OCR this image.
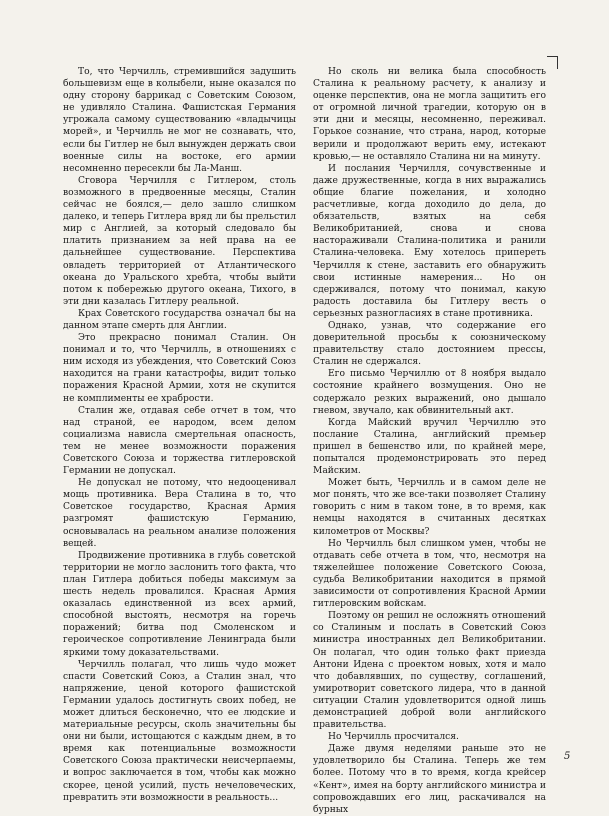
То, что Черчилль, стремившийся задушить большевизм еще в колыбели, ныне оказался по одну сторону баррикад с Советским Союзом, не удивляло Сталина. Фашистская Германия угрожала самому существованию «владычицы морей», и Черчилль не мог не сознавать, что, если бы Гитлер не был вынужден держать свои военные силы на востоке, его армии несомненно пересекли бы Ла-Манш.

Сговора Черчилля с Гитлером, столь возможного в предвоенные месяцы, Сталин сейчас не боялся,— дело зашло слишком далеко, и теперь Гитлера вряд ли бы прельстил мир с Англией, за который следовало бы платить признанием за ней права на ее дальнейшее существование. Перспектива овладеть территорией от Атлантического океана до Уральского хребта, чтобы выйти потом к побережью другого океана, Тихого, в эти дни казалась Гитлеру реальной.

Крах Советского государства означал бы на данном этапе смерть для Англии.

Это прекрасно понимал Сталин. Он понимал и то, что Черчилль, в отношениях с ним исходя из убеждения, что Советский Союз находится на грани катастрофы, видит только поражения Красной Армии, хотя не скупится не комплименты ее храбрости.

Сталин же, отдавая себе отчет в том, что над страной, ее народом, всем делом социализма нависла смертельная опасность, тем не менее возможности поражения Советского Союза и торжества гитлеровской Германии не допускал.

Не допускал не потому, что недооценивал мощь противника. Вера Сталина в то, что Советское государство, Красная Армия разгромят фашистскую Германию, основывалась на реальном анализе положения вещей.

Продвижение противника в глубь советской территории не могло заслонить того факта, что план Гитлера добиться победы максимум за шесть недель провалился. Красная Армия оказалась единственной из всех армий, способной выстоять, несмотря на горечь поражений; битва под Смоленском и героическое сопротивление Ленинграда были яркими тому доказательствами.

Черчилль полагал, что лишь чудо может спасти Советский Союз, а Сталин знал, что напряжение, ценой которого фашистской Германии удалось достигнуть своих побед, не может длиться бесконечно, что ее людские и материальные ресурсы, сколь значительны бы они ни были, истощаются с каждым днем, в то время как потенциальные возможности Советского Союза практически неисчерпаемы, и вопрос заключается в том, чтобы как можно скорее, ценой усилий, пусть нечеловеческих, превратить эти возможности в реальность...

Но сколь ни велика была способность Сталина к реальному расчету, к анализу и оценке перспектив, она не могла защитить его от огромной личной трагедии, которую он в эти дни и месяцы, несомненно, переживал. Горькое сознание, что страна, народ, которые верили и продолжают верить ему, истекают кровью,— не оставляло Сталина ни на минуту.

И послания Черчилля, сочувственные и даже дружественные, когда в них выражались общие благие пожелания, и холодно расчетливые, когда доходило до дела, до обязательств, взятых на себя Великобританией, снова и снова настораживали Сталина-политика и ранили Сталина-человека. Ему хотелось припереть Черчилля к стене, заставить его обнаружить свои истинные намерения... Но он сдерживался, потому что понимал, какую радость доставила бы Гитлеру весть о серьезных разногласиях в стане противника.

Однако, узнав, что содержание его доверительной просьбы к союзническому правительству стало достоянием прессы, Сталин не сдержался.

Его письмо Черчиллю от 8 ноября выдало состояние крайнего возмущения. Оно не содержало резких выражений, оно дышало гневом, звучало, как обвинительный акт.

Когда Майский вручил Черчиллю это послание Сталина, английский премьер пришел в бешенство или, по крайней мере, попытался продемонстрировать это перед Майским.

Может быть, Черчилль и в самом деле не мог понять, что же все-таки позволяет Сталину говорить с ним в таком тоне, в то время, как немцы находятся в считанных десятках километров от Москвы?

Но Черчилль был слишком умен, чтобы не отдавать себе отчета в том, что, несмотря на тяжелейшее положение Советского Союза, судьба Великобритании находится в прямой зависимости от сопротивления Красной Армии гитлеровским войскам.

Поэтому он решил не осложнять отношений со Сталиным и послать в Советский Союз министра иностранных дел Великобритании. Он полагал, что один только факт приезда Антони Идена с проектом новых, хотя и мало что добавлявших, по существу, соглашений, умиротворит советского лидера, что в данной ситуации Сталин удовлетворится одной лишь демонстрацией доброй воли английского правительства.

Но Черчилль просчитался.

Даже двумя неделями раньше это не удовлетворило бы Сталина. Теперь же тем более. Потому что в то время, когда крейсер «Кент», имея на борту английского министра и сопровождавших его лиц, раскачивался на бурных

5
